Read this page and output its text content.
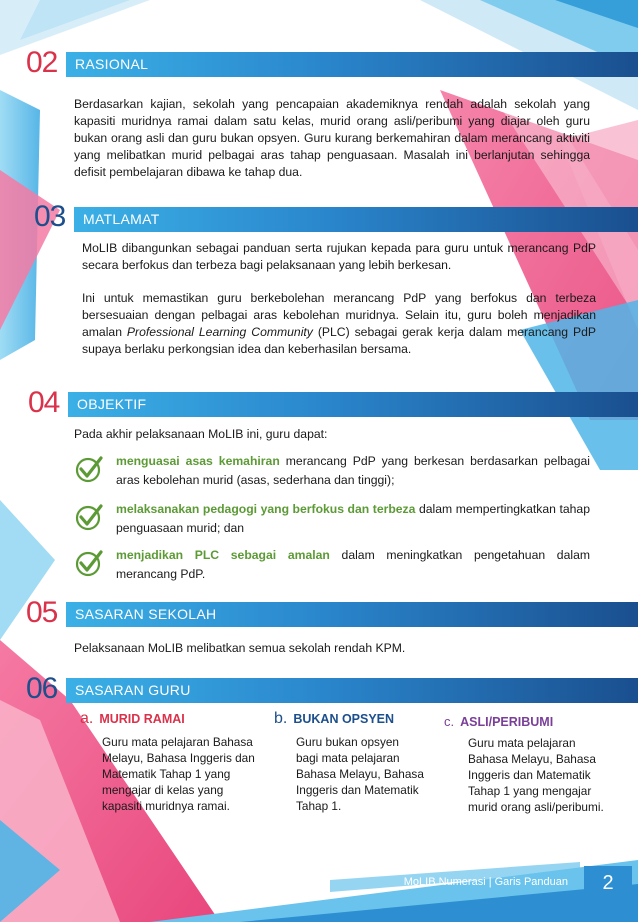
02	RASIONAL
Berdasarkan kajian, sekolah yang pencapaian akademiknya rendah adalah sekolah yang kapasiti muridnya ramai dalam satu kelas, murid orang asli/peribumi yang diajar oleh guru bukan orang asli dan guru bukan opsyen. Guru kurang berkemahiran dalam merancang aktiviti yang melibatkan murid pelbagai aras tahap penguasaan. Masalah ini berlanjutan sehingga defisit pembelajaran dibawa ke tahap dua.
03	MATLAMAT
MoLIB dibangunkan sebagai panduan serta rujukan kepada para guru untuk merancang PdP secara berfokus dan terbeza bagi pelaksanaan yang lebih berkesan.
Ini untuk memastikan guru berkebolehan merancang PdP yang berfokus dan terbeza bersesuaian dengan pelbagai aras kebolehan muridnya. Selain itu, guru boleh menjadikan amalan Professional Learning Community (PLC) sebagai gerak kerja dalam merancang PdP supaya berlaku perkongsian idea dan keberhasilan bersama.
04	OBJEKTIF
Pada akhir pelaksanaan MoLIB ini, guru dapat:
menguasai asas kemahiran merancang PdP yang berkesan berdasarkan pelbagai aras kebolehan murid (asas, sederhana dan tinggi);
melaksanakan pedagogi yang berfokus dan terbeza dalam mempertingkatkan tahap penguasaan murid; dan
menjadikan PLC sebagai amalan dalam meningkatkan pengetahuan dalam merancang PdP.
05	SASARAN SEKOLAH
Pelaksanaan MoLIB melibatkan semua sekolah rendah KPM.
06	SASARAN GURU
a. MURID RAMAI
Guru mata pelajaran Bahasa Melayu, Bahasa Inggeris dan Matematik Tahap 1 yang mengajar di kelas yang kapasiti muridnya ramai.
b. BUKAN OPSYEN
Guru bukan opsyen bagi mata pelajaran Bahasa Melayu, Bahasa Inggeris dan Matematik Tahap 1.
c. ASLI/PERIBUMI
Guru mata pelajaran Bahasa Melayu, Bahasa Inggeris dan Matematik Tahap 1 yang mengajar murid orang asli/peribumi.
MoLIB Numerasi | Garis Panduan	2
